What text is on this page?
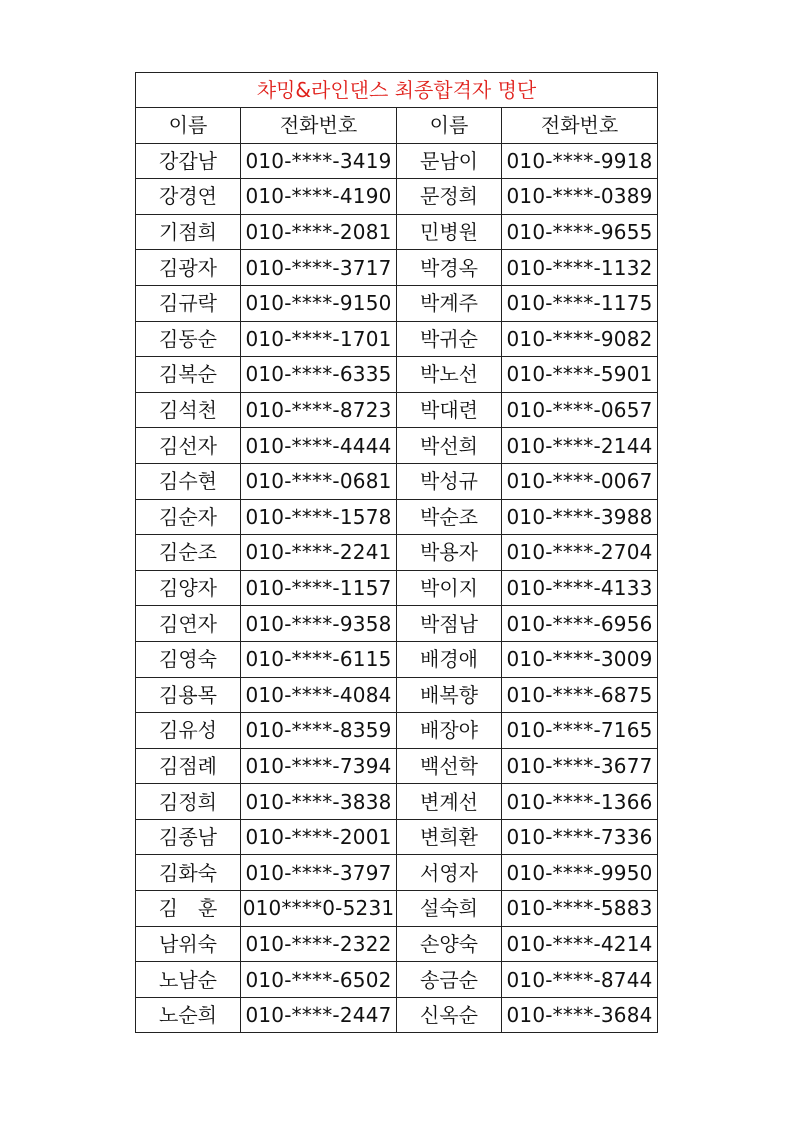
챠밍&라인댄스 최종합격자 명단			
이름	전화번호	이름	전화번호
강갑남	010-****-3419	문남이	010-****-9918
강경연	010-****-4190	문정희	010-****-0389
기점희	010-****-2081	민병원	010-****-9655
김광자	010-****-3717	박경옥	010-****-1132
김규락	010-****-9150	박계주	010-****-1175
김동순	010-****-1701	박귀순	010-****-9082
김복순	010-****-6335	박노선	010-****-5901
김석천	010-****-8723	박대련	010-****-0657
김선자	010-****-4444	박선희	010-****-2144
김수현	010-****-0681	박성규	010-****-0067
김순자	010-****-1578	박순조	010-****-3988
김순조	010-****-2241	박용자	010-****-2704
김양자	010-****-1157	박이지	010-****-4133
김연자	010-****-9358	박점남	010-****-6956
김영숙	010-****-6115	배경애	010-****-3009
김용목	010-****-4084	배복향	010-****-6875
김유성	010-****-8359	배장야	010-****-7165
김점례	010-****-7394	백선학	010-****-3677
김정희	010-****-3838	변계선	010-****-1366
김종남	010-****-2001	변희환	010-****-7336
김화숙	010-****-3797	서영자	010-****-9950
김　훈	010****0-5231	설숙희	010-****-5883
남위숙	010-****-2322	손양숙	010-****-4214
노남순	010-****-6502	송금순	010-****-8744
노순희	010-****-2447	신옥순	010-****-3684
